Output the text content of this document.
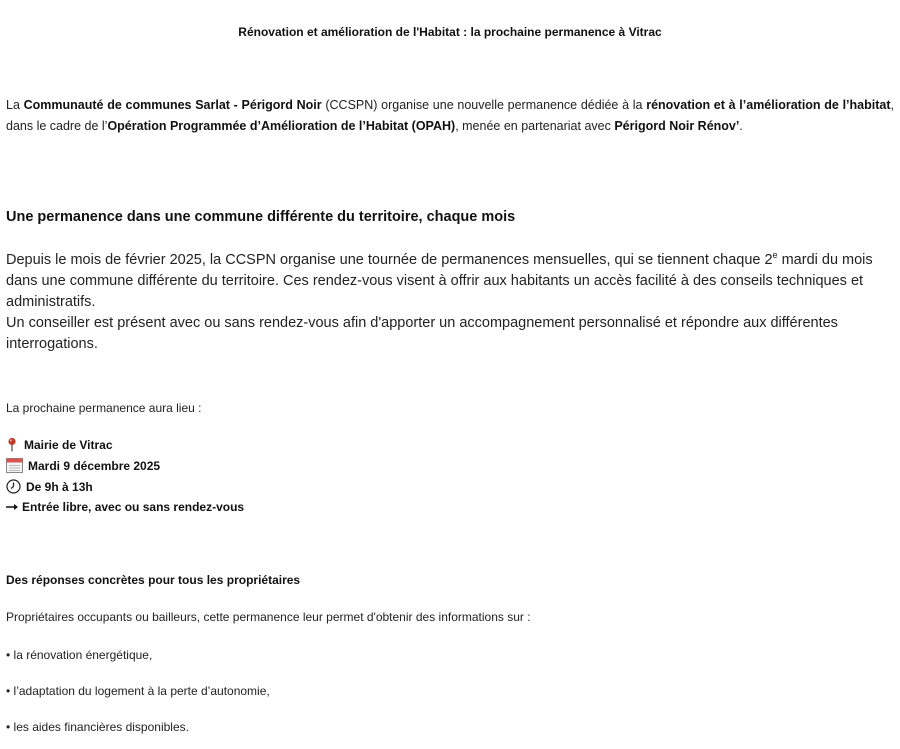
Rénovation et amélioration de l'Habitat : la prochaine permanence à Vitrac
La Communauté de communes Sarlat - Périgord Noir (CCSPN) organise une nouvelle permanence dédiée à la rénovation et à l’amélioration de l’habitat, dans le cadre de l’Opération Programmée d’Amélioration de l’Habitat (OPAH), menée en partenariat avec Périgord Noir Rénov’.
Une permanence dans une commune différente du territoire, chaque mois
Depuis le mois de février 2025, la CCSPN organise une tournée de permanences mensuelles, qui se tiennent chaque 2e mardi du mois dans une commune différente du territoire. Ces rendez-vous visent à offrir aux habitants un accès facilité à des conseils techniques et administratifs.
Un conseiller est présent avec ou sans rendez-vous afin d'apporter un accompagnement personnalisé et répondre aux différentes interrogations.
La prochaine permanence aura lieu :
Mairie de Vitrac
Mardi 9 décembre 2025
De 9h à 13h
Entrée libre, avec ou sans rendez-vous
Des réponses concrètes pour tous les propriétaires
Propriétaires occupants ou bailleurs, cette permanence leur permet d'obtenir des informations sur :
• la rénovation énergétique,
• l’adaptation du logement à la perte d’autonomie,
• les aides financières disponibles.
